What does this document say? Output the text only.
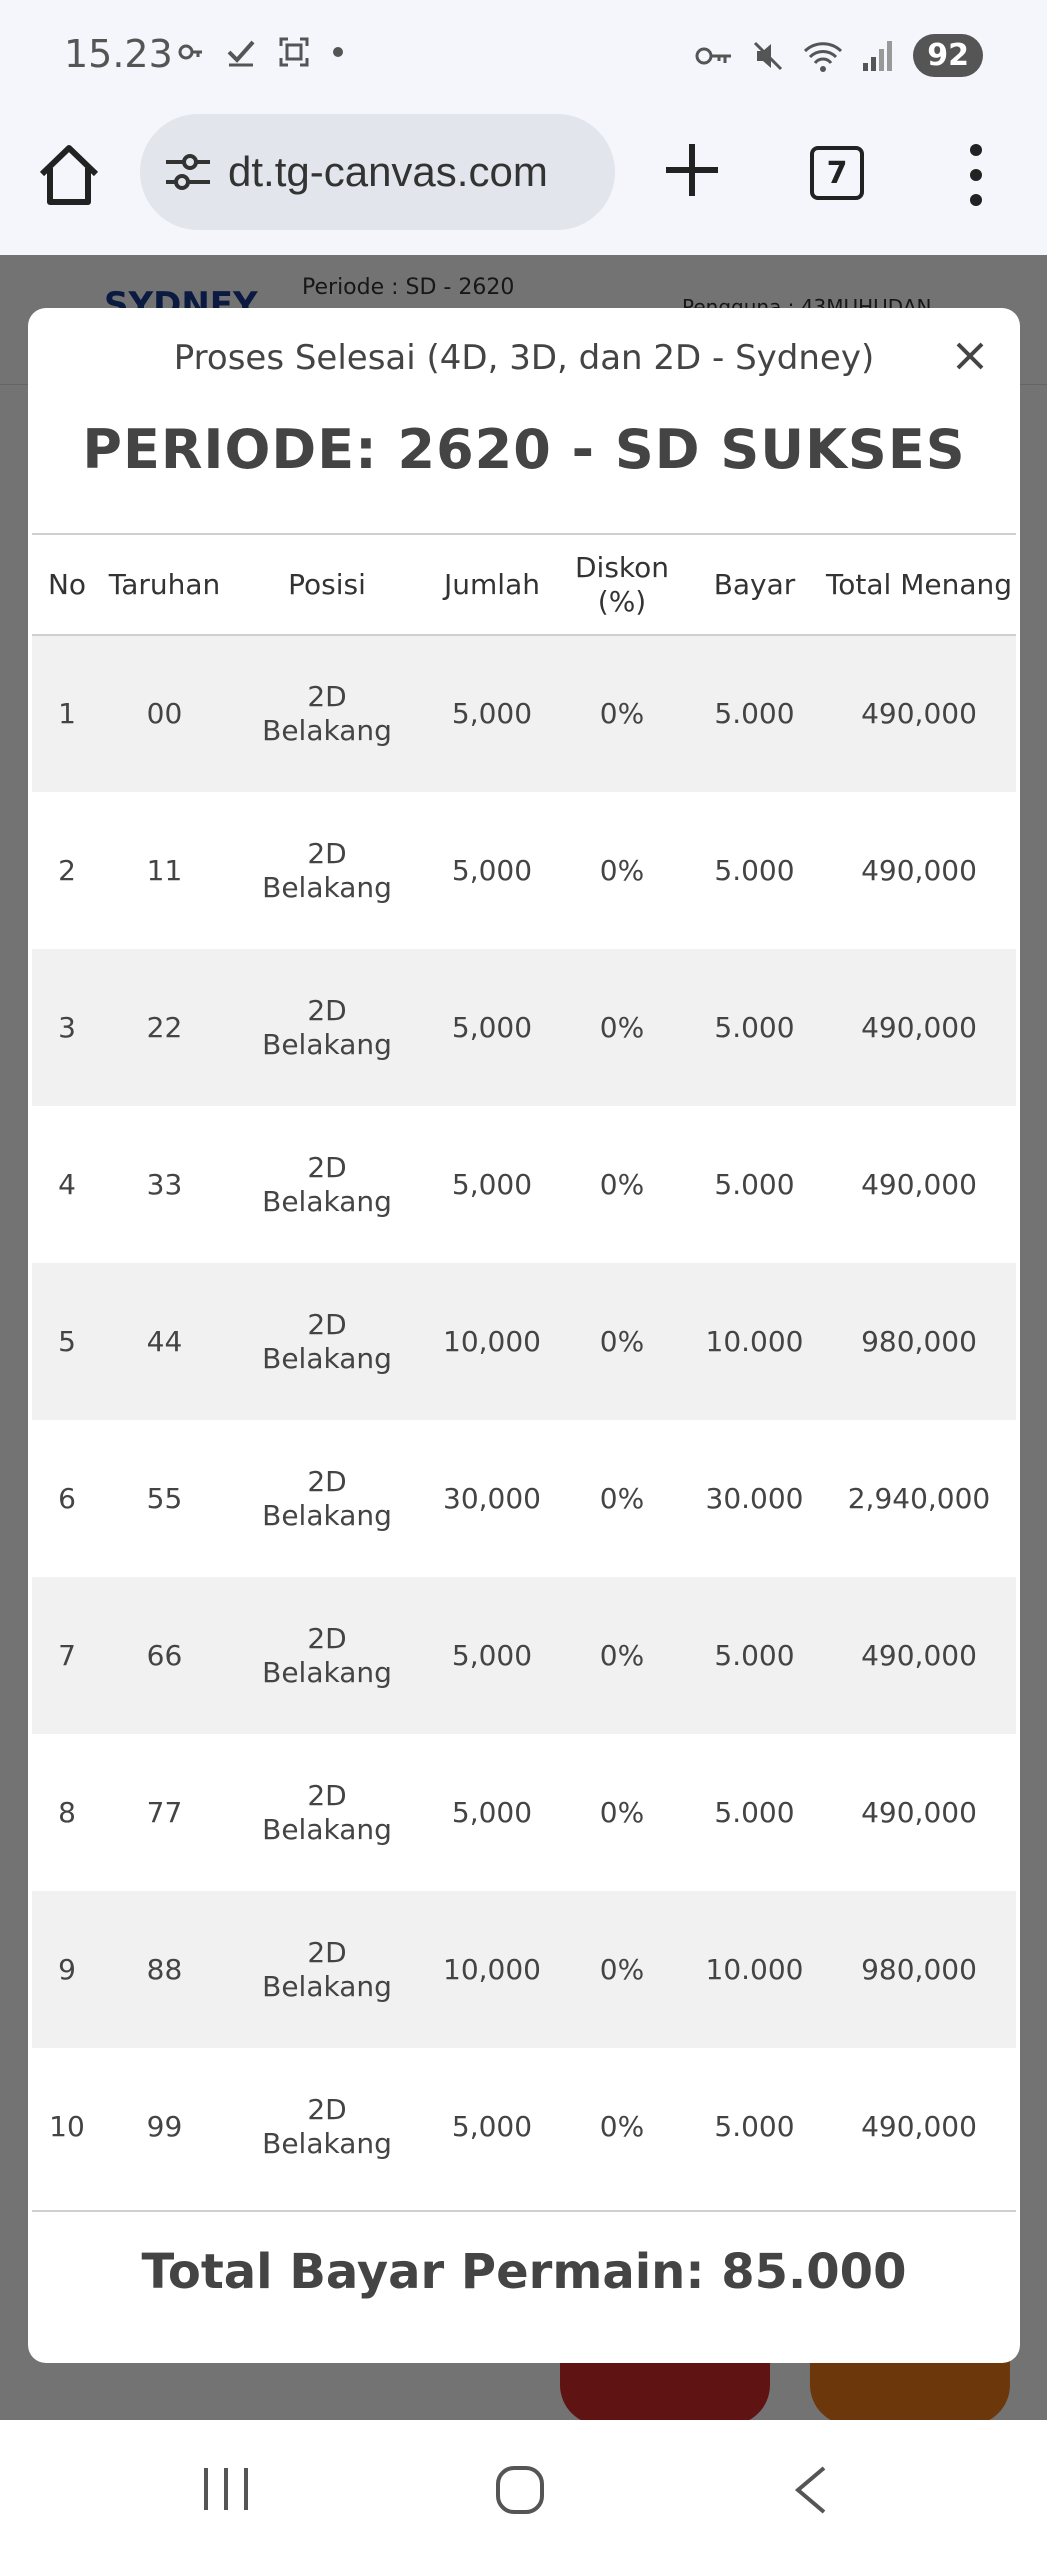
15.23	92
dt.tg-canvas.com	7
Proses Selesai (4D, 3D, dan 2D - Sydney)
PERIODE: 2620 - SD SUKSES
No	Taruhan	Posisi	Jumlah	Diskon (%)	Bayar	Total Menang
1	00	2D Belakang	5,000	0%	5.000	490,000
2	11	2D Belakang	5,000	0%	5.000	490,000
3	22	2D Belakang	5,000	0%	5.000	490,000
4	33	2D Belakang	5,000	0%	5.000	490,000
5	44	2D Belakang	10,000	0%	10.000	980,000
6	55	2D Belakang	30,000	0%	30.000	2,940,000
7	66	2D Belakang	5,000	0%	5.000	490,000
8	77	2D Belakang	5,000	0%	5.000	490,000
9	88	2D Belakang	10,000	0%	10.000	980,000
10	99	2D Belakang	5,000	0%	5.000	490,000
Total Bayar Permain: 85.000
